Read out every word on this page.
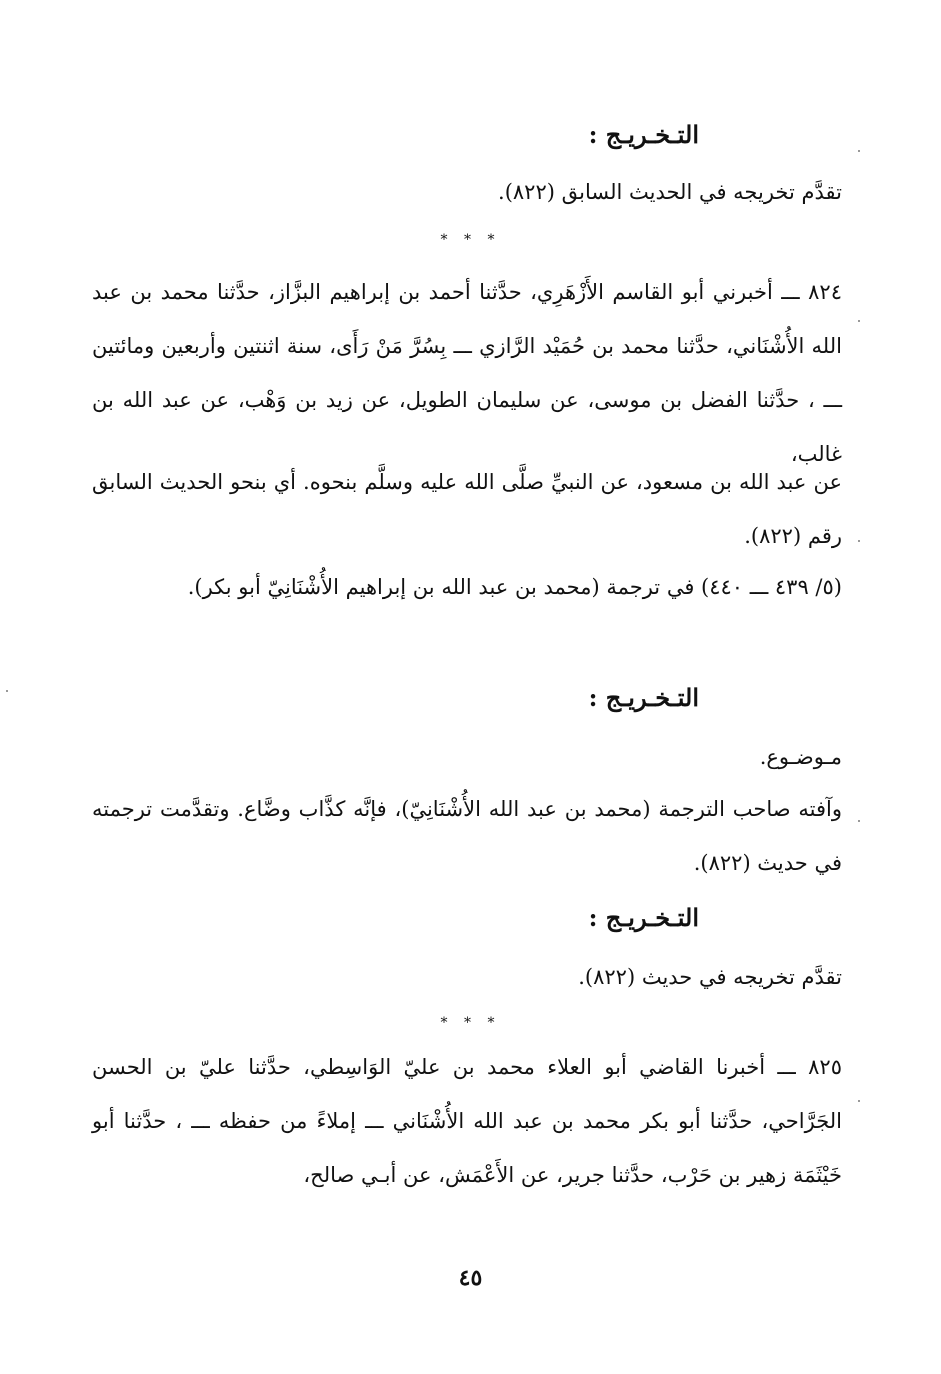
التـخـريـج :
تقدَّم تخريجه في الحديث السابق (٨٢٢).
* * *
٨٢٤ ـــ أخبرني أبو القاسم الأَزْهَرِي، حدَّثنا أحمد بن إبراهيم البزَّاز، حدَّثنا محمد بن عبد الله الأُشْنَاني، حدَّثنا محمد بن حُمَيْد الرَّازي ـــ بِسُرَّ مَنْ رَأَى، سنة اثنتين وأربعين ومائتين ـــ ، حدَّثنا الفضل بن موسى، عن سليمان الطويل، عن زيد بن وَهْب، عن عبد الله بن غالب،
عن عبد الله بن مسعود، عن النبيِّ صلَّى الله عليه وسلَّم بنحوه. أي بنحو الحديث السابق رقم (٨٢٢).
(٥/ ٤٣٩ ـــ ٤٤٠) في ترجمة (محمد بن عبد الله بن إبراهيم الأُشْنَانِيّ أبو بكر).
التـخـريـج :
مـوضـوع.
وآفته صاحب الترجمة (محمد بن عبد الله الأُشْنَانِيّ)، فإنَّه كذَّاب وضَّاع. وتقدَّمت ترجمته في حديث (٨٢٢).
التـخـريـج :
تقدَّم تخريجه في حديث (٨٢٢).
* * *
٨٢٥ ـــ أخبرنا القاضي أبو العلاء محمد بن عليّ الوَاسِطي، حدَّثنا عليّ بن الحسن الجَرَّاحي، حدَّثنا أبو بكر محمد بن عبد الله الأُشْنَاني ـــ إملاءً من حفظه ـــ ، حدَّثنا أبو خَيْثَمَة زهير بن حَرْب، حدَّثنا جرير، عن الأَعْمَش، عن أبـي صالح،
٤٥
